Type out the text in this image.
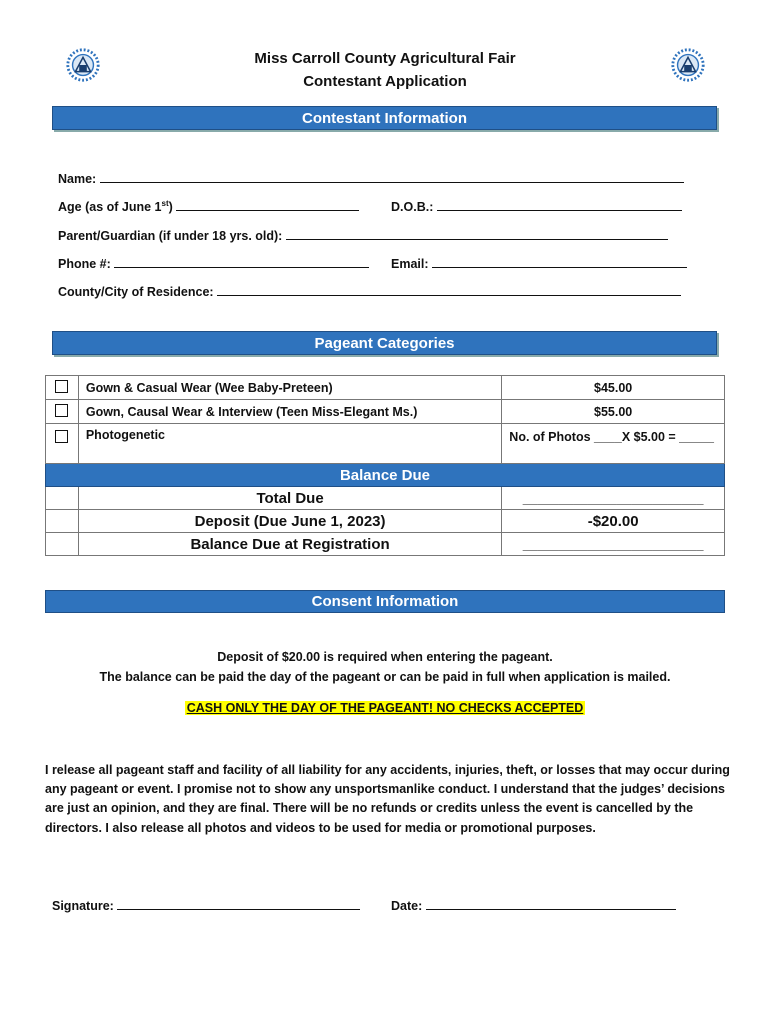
Miss Carroll County Agricultural Fair
Contestant Application
Contestant Information
Name:
Age (as of June 1st)	D.O.B.:
Parent/Guardian (if under 18 yrs. old):
Phone #:	Email:
County/City of Residence:
Pageant Categories
	Gown & Casual Wear (Wee Baby-Preteen)	$45.00
	Gown, Causal Wear & Interview (Teen Miss-Elegant Ms.)	$55.00
	Photogenetic	No. of Photos ____X $5.00 = _____
Balance Due		
	Total Due	_________________________
	Deposit (Due June 1, 2023)	-$20.00
	Balance Due at Registration	_________________________
Consent Information
Deposit of $20.00 is required when entering the pageant.
The balance can be paid the day of the pageant or can be paid in full when application is mailed.
CASH ONLY THE DAY OF THE PAGEANT! NO CHECKS ACCEPTED
I release all pageant staff and facility of all liability for any accidents, injuries, theft, or losses that may occur during any pageant or event. I promise not to show any unsportsmanlike conduct. I understand that the judges’ decisions are just an opinion, and they are final. There will be no refunds or credits unless the event is cancelled by the directors. I also release all photos and videos to be used for media or promotional purposes.
Signature:	Date:
